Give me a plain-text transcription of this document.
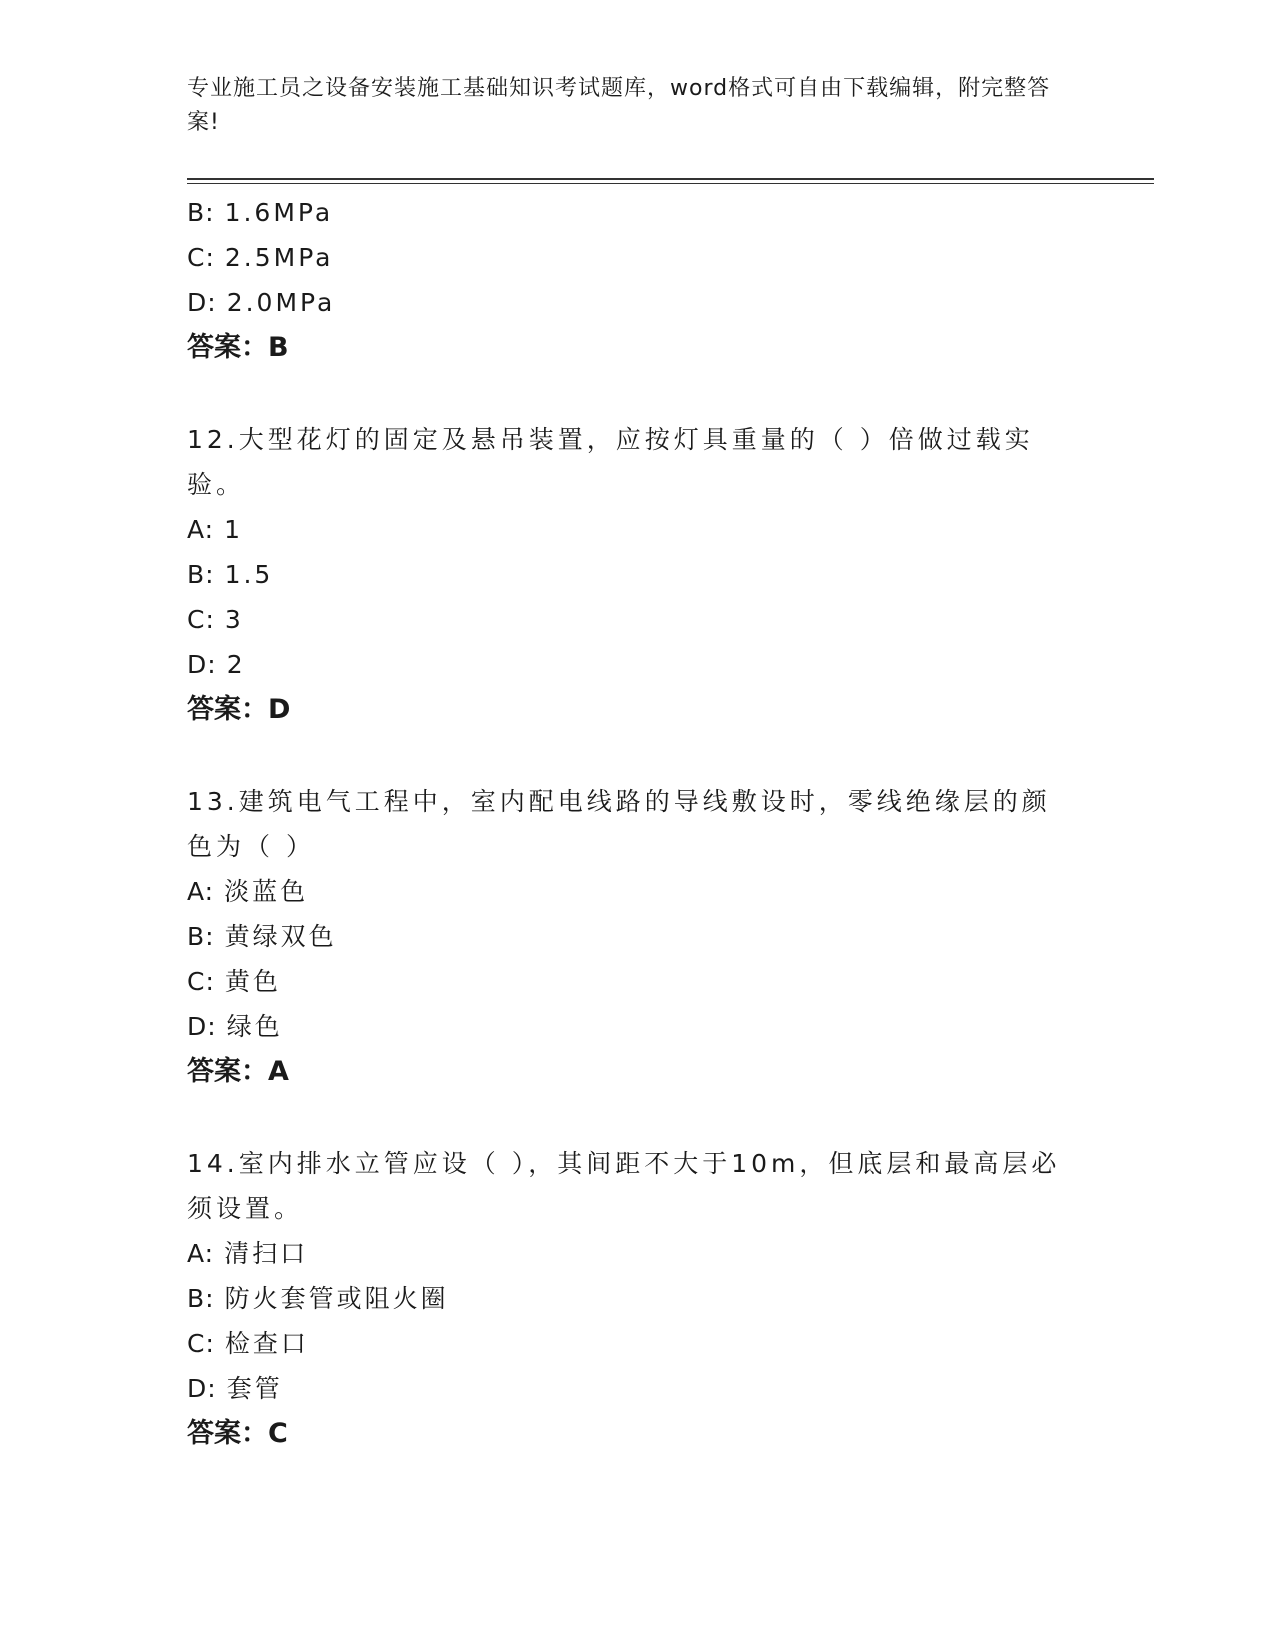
专业施工员之设备安装施工基础知识考试题库，word格式可自由下载编辑，附完整答案!
B: 1.6MPa
C: 2.5MPa
D: 2.0MPa
答案：B
12.大型花灯的固定及悬吊装置，应按灯具重量的（ ）倍做过载实验。
A: 1
B: 1.5
C: 3
D: 2
答案：D
13.建筑电气工程中，室内配电线路的导线敷设时，零线绝缘层的颜色为（ ）
A: 淡蓝色
B: 黄绿双色
C: 黄色
D: 绿色
答案：A
14.室内排水立管应设（ ），其间距不大于10m，但底层和最高层必须设置。
A: 清扫口
B: 防火套管或阻火圈
C: 检查口
D: 套管
答案：C
